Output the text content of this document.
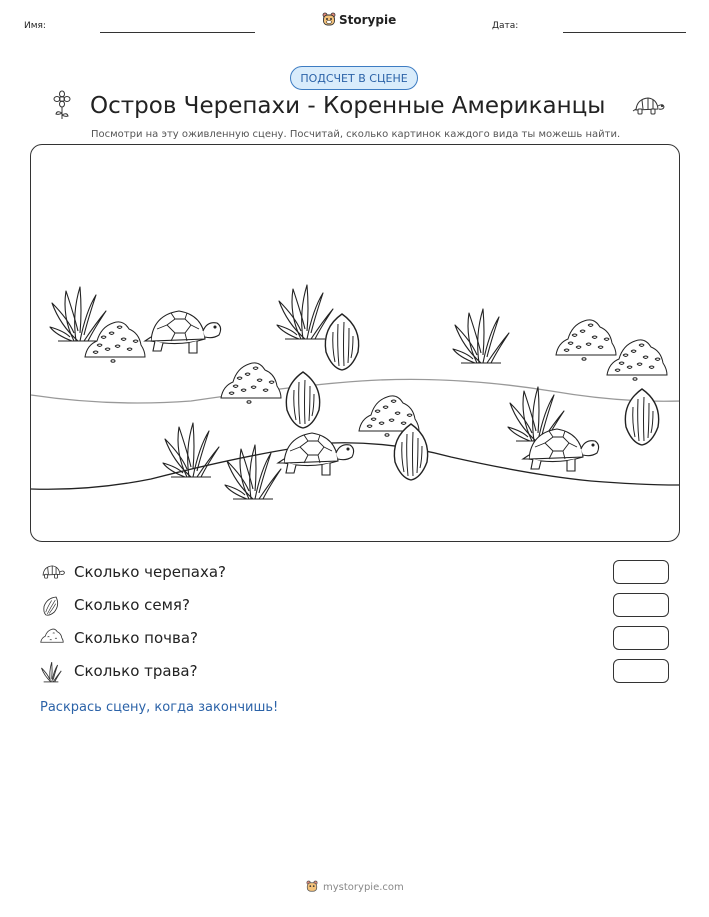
Имя:	Storypie	Дата:
ПОДСЧЕТ В СЦЕНЕ
Остров Черепахи - Коренные Американцы
Посмотри на эту оживленную сцену. Посчитай, сколько картинок каждого вида ты можешь найти.
Сколько черепаха?
Сколько семя?
Сколько почва?
Сколько трава?
Раскрась сцену, когда закончишь!
mystorypie.com
